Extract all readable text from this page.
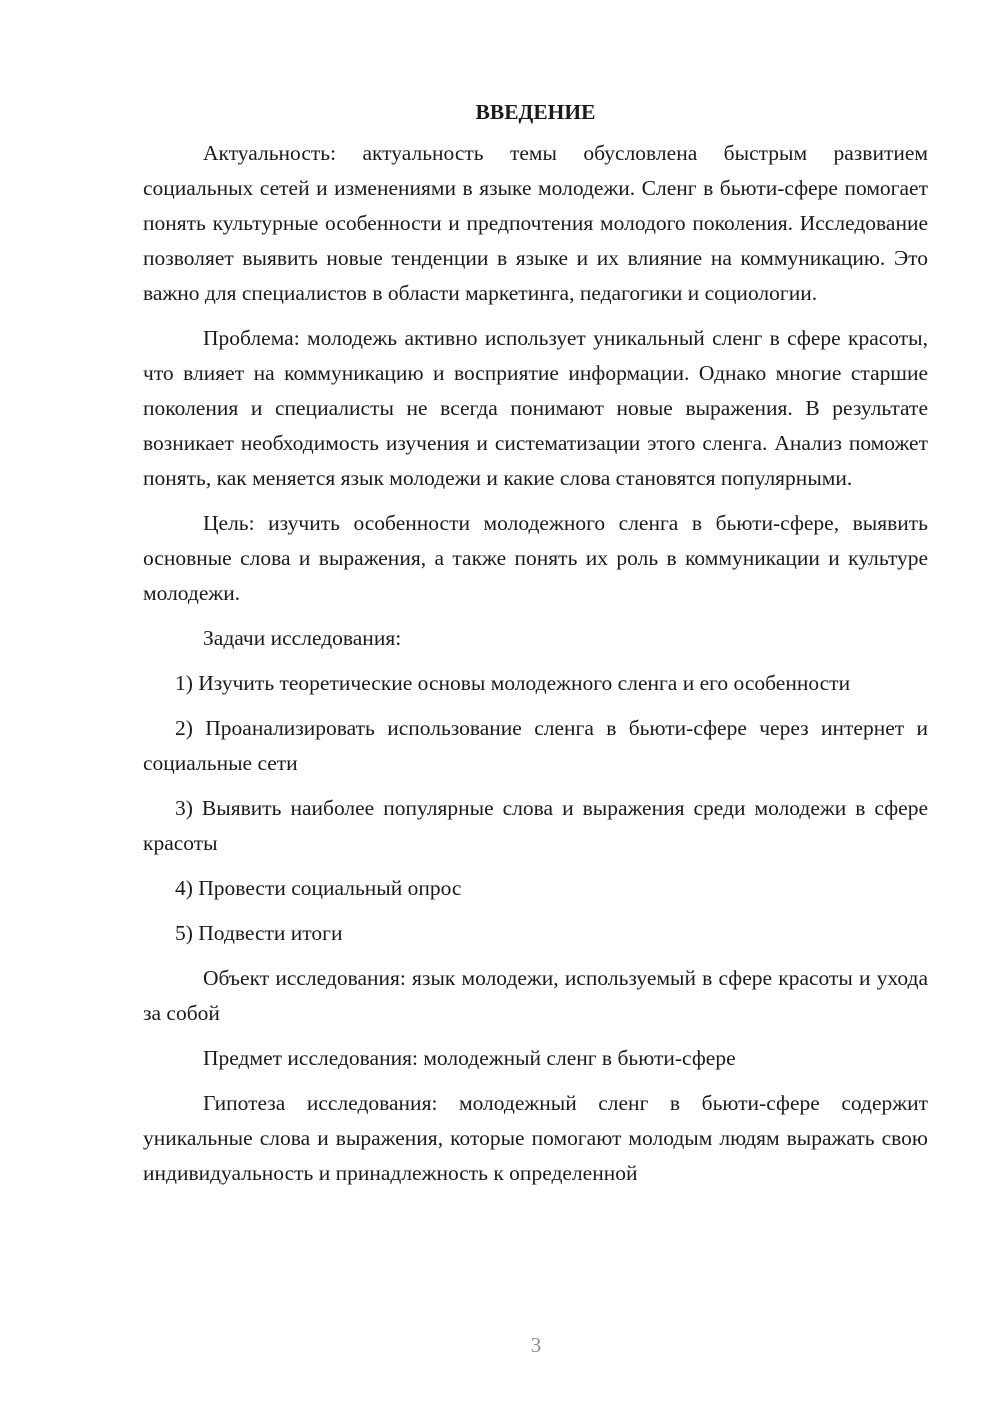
ВВЕДЕНИЕ

Актуальность: актуальность темы обусловлена быстрым развитием социальных сетей и изменениями в языке молодежи. Сленг в бьюти-сфере помогает понять культурные особенности и предпочтения молодого поколения. Исследование позволяет выявить новые тенденции в языке и их влияние на коммуникацию. Это важно для специалистов в области маркетинга, педагогики и социологии.

Проблема: молодежь активно использует уникальный сленг в сфере красоты, что влияет на коммуникацию и восприятие информации. Однако многие старшие поколения и специалисты не всегда понимают новые выражения. В результате возникает необходимость изучения и систематизации этого сленга. Анализ поможет понять, как меняется язык молодежи и какие слова становятся популярными.

Цель: изучить особенности молодежного сленга в бьюти-сфере, выявить основные слова и выражения, а также понять их роль в коммуникации и культуре молодежи.

Задачи исследования:

1) Изучить теоретические основы молодежного сленга и его особенности

2) Проанализировать использование сленга в бьюти-сфере через интернет и социальные сети

3) Выявить наиболее популярные слова и выражения среди молодежи в сфере красоты

4) Провести социальный опрос

5) Подвести итоги

Объект исследования: язык молодежи, используемый в сфере красоты и ухода за собой

Предмет исследования: молодежный сленг в бьюти-сфере

Гипотеза исследования: молодежный сленг в бьюти-сфере содержит уникальные слова и выражения, которые помогают молодым людям выражать свою индивидуальность и принадлежность к определенной

3
